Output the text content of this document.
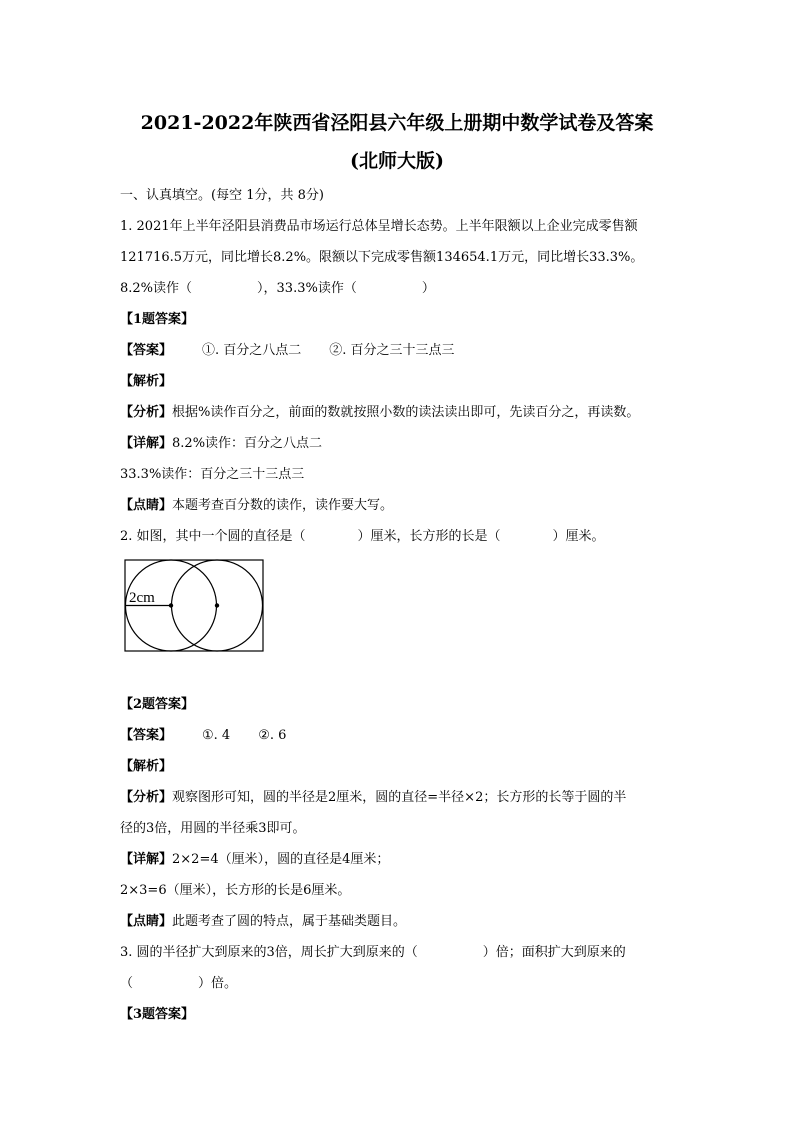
2021-2022年陕西省泾阳县六年级上册期中数学试卷及答案
(北师大版)
一、认真填空。(每空 1分，共 8分)
1. 2021年上半年泾阳县消费品市场运行总体呈增长态势。上半年限额以上企业完成零售额
121716.5万元，同比增长8.2%。限额以下完成零售额134654.1万元，同比增长33.3%。
8.2%读作（　　　　　），33.3%读作（　　　　　）
【1题答案】
【答案】 ①. 百分之八点二 ②. 百分之三十三点三
【解析】
【分析】根据%读作百分之，前面的数就按照小数的读法读出即可，先读百分之，再读数。
【详解】8.2%读作：百分之八点二
33.3%读作：百分之三十三点三
【点睛】本题考查百分数的读作，读作要大写。
2. 如图，其中一个圆的直径是（　　　　）厘米，长方形的长是（　　　　）厘米。
2cm
【2题答案】
【答案】 ①. 4 ②. 6
【解析】
【分析】观察图形可知，圆的半径是2厘米，圆的直径=半径×2；长方形的长等于圆的半
径的3倍，用圆的半径乘3即可。
【详解】2×2=4（厘米），圆的直径是4厘米；
2×3=6（厘米），长方形的长是6厘米。
【点睛】此题考查了圆的特点，属于基础类题目。
3. 圆的半径扩大到原来的3倍，周长扩大到原来的（　　　　　）倍；面积扩大到原来的
（　　　　　）倍。
【3题答案】
